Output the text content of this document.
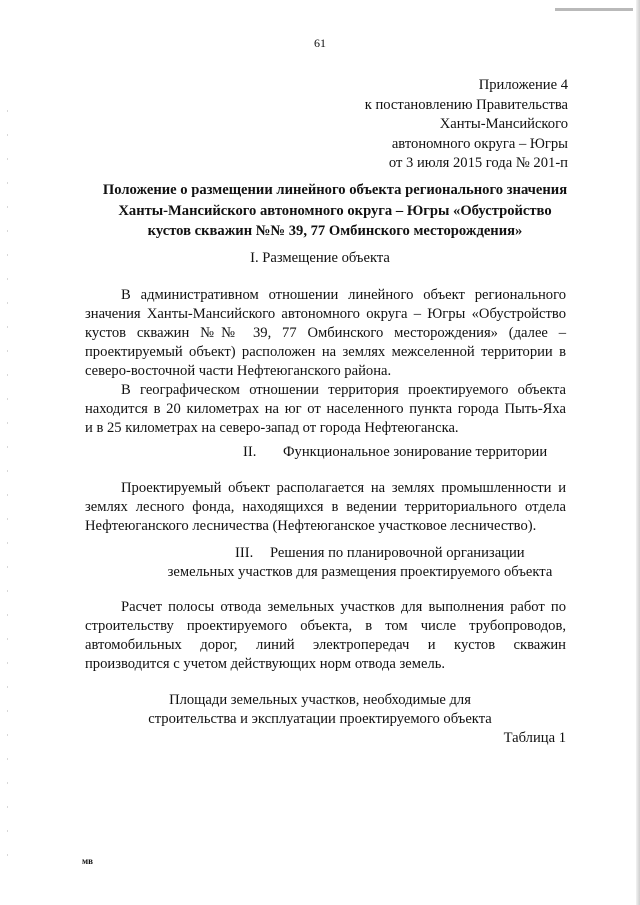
61

Приложение 4
к постановлению Правительства
Ханты-Мансийского
автономного округа – Югры
от 3 июля 2015 года № 201-п
Положение о размещении линейного объекта регионального значения
Ханты-Мансийского автономного округа – Югры «Обустройство
кустов скважин №№ 39, 77 Омбинского месторождения»

I. Размещение объекта

В административном отношении линейного объект регионального

значения Ханты-Мансийского автономного округа – Югры «Обустройство

кустов скважин №№ 39, 77 Омбинского месторождения» (далее –

проектируемый объект) расположен на землях межселенной территории в

северо-восточной части Нефтеюганского района.

В географическом отношении территория проектируемого объекта

находится в 20 километрах на юг от населенного пункта города Пыть-Яха

и в 25 километрах на северо-запад от города Нефтеюганска.

II. Функциональное зонирование территории

Проектируемый объект располагается на землях промышленности и

землях лесного фонда, находящихся в ведении территориального отдела

Нефтеюганского лесничества (Нефтеюганское участковое лесничество).

III. Решения по планировочной организации

земельных участков для размещения проектируемого объекта

Расчет полосы отвода земельных участков для выполнения работ по

строительству проектируемого объекта, в том числе трубопроводов,

автомобильных дорог, линий электропередач и кустов скважин

производится с учетом действующих норм отвода земель.

Площади земельных участков, необходимые для

строительства и эксплуатации проектируемого объекта

Таблица 1

мв
